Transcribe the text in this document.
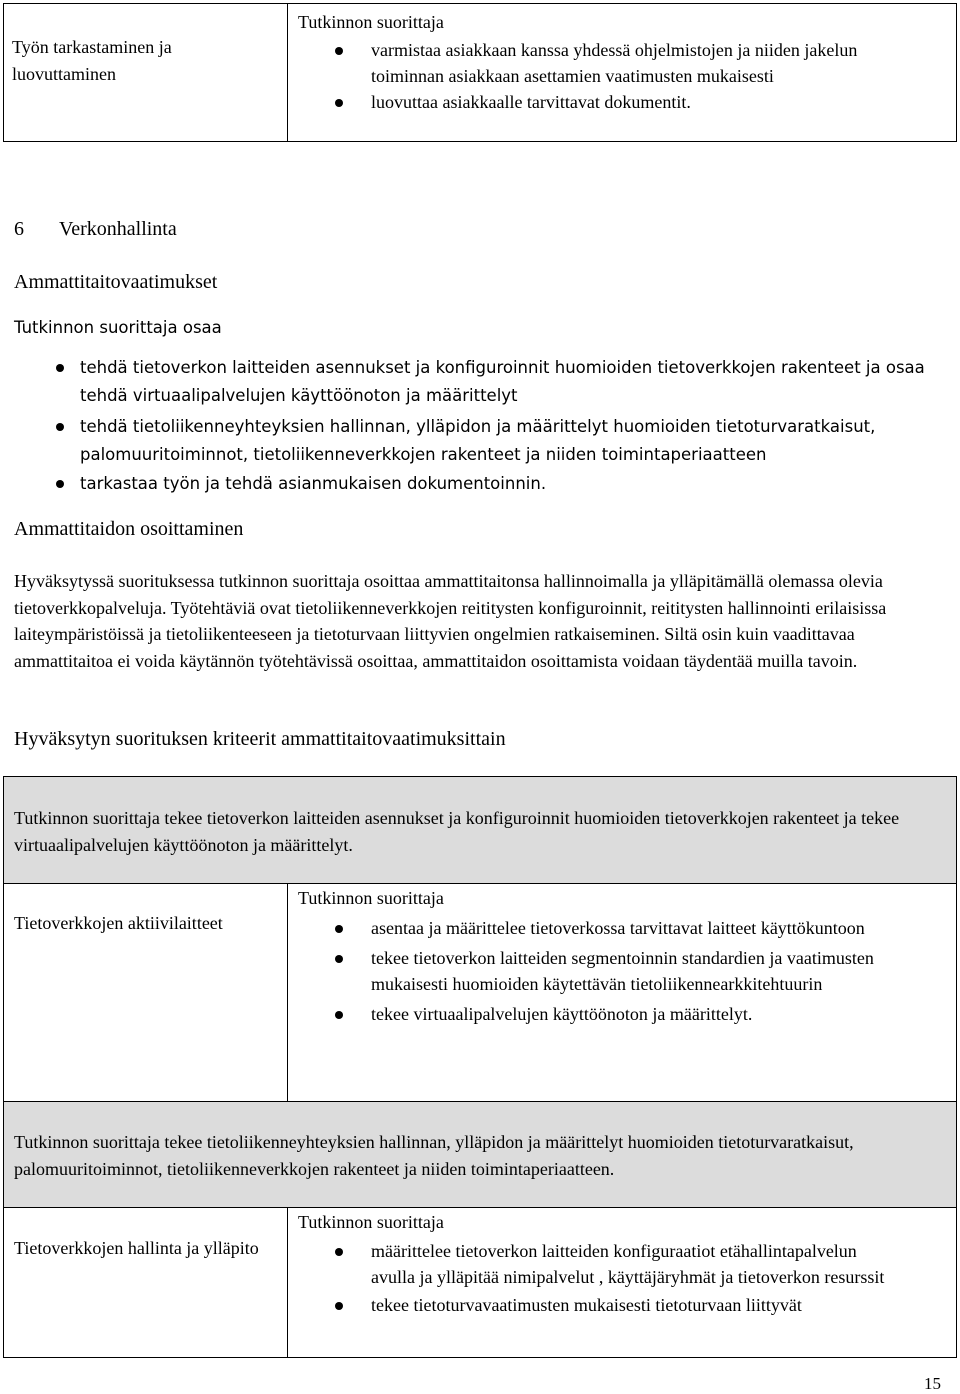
Työn tarkastaminen ja luovuttaminen
Tutkinnon suorittaja
varmistaa asiakkaan kanssa yhdessä ohjelmistojen ja niiden jakelun toiminnan asiakkaan asettamien vaatimusten mukaisesti
luovuttaa asiakkaalle tarvittavat dokumentit.
6 Verkonhallinta
Ammattitaitovaatimukset
Tutkinnon suorittaja osaa
tehdä tietoverkon laitteiden asennukset ja konfiguroinnit huomioiden tietoverkkojen rakenteet ja osaa tehdä virtuaalipalvelujen käyttöönoton ja määrittelyt
tehdä tietoliikenneyhteyksien hallinnan, ylläpidon ja määrittelyt huomioiden tietoturvaratkaisut, palomuuritoiminnot, tietoliikenneverkkojen rakenteet ja niiden toimintaperiaatteen
tarkastaa työn ja tehdä asianmukaisen dokumentoinnin.
Ammattitaidon osoittaminen
Hyväksytyssä suorituksessa tutkinnon suorittaja osoittaa ammattitaitonsa hallinnoimalla ja ylläpitämällä olemassa olevia tietoverkkopalveluja. Työtehtäviä ovat tietoliikenneverkkojen reititysten konfiguroinnit, reititysten hallinnointi erilaisissa laiteympäristöissä ja tietoliikenteeseen ja tietoturvaan liittyvien ongelmien ratkaiseminen. Siltä osin kuin vaadittavaa ammattitaitoa ei voida käytännön työtehtävissä osoittaa, ammattitaidon osoittamista voidaan täydentää muilla tavoin.
Hyväksytyn suorituksen kriteerit ammattitaitovaatimuksittain
Tutkinnon suorittaja tekee tietoverkon laitteiden asennukset ja konfiguroinnit huomioiden tietoverkkojen rakenteet ja tekee virtuaalipalvelujen käyttöönoton ja määrittelyt.
Tietoverkkojen aktiivilaitteet
Tutkinnon suorittaja
asentaa ja määrittelee tietoverkossa tarvittavat laitteet käyttökuntoon
tekee tietoverkon laitteiden segmentoinnin standardien ja vaatimusten mukaisesti huomioiden käytettävän tietoliikennearkkitehtuurin
tekee virtuaalipalvelujen käyttöönoton ja määrittelyt.
Tutkinnon suorittaja tekee tietoliikenneyhteyksien hallinnan, ylläpidon ja määrittelyt huomioiden tietoturvaratkaisut, palomuuritoiminnot, tietoliikenneverkkojen rakenteet ja niiden toimintaperiaatteen.
Tietoverkkojen hallinta ja ylläpito
Tutkinnon suorittaja
määrittelee tietoverkon laitteiden konfiguraatiot etähallintapalvelun avulla ja ylläpitää nimipalvelut , käyttäjäryhmät ja tietoverkon resurssit
tekee tietoturvavaatimusten mukaisesti tietoturvaan liittyvät
15
